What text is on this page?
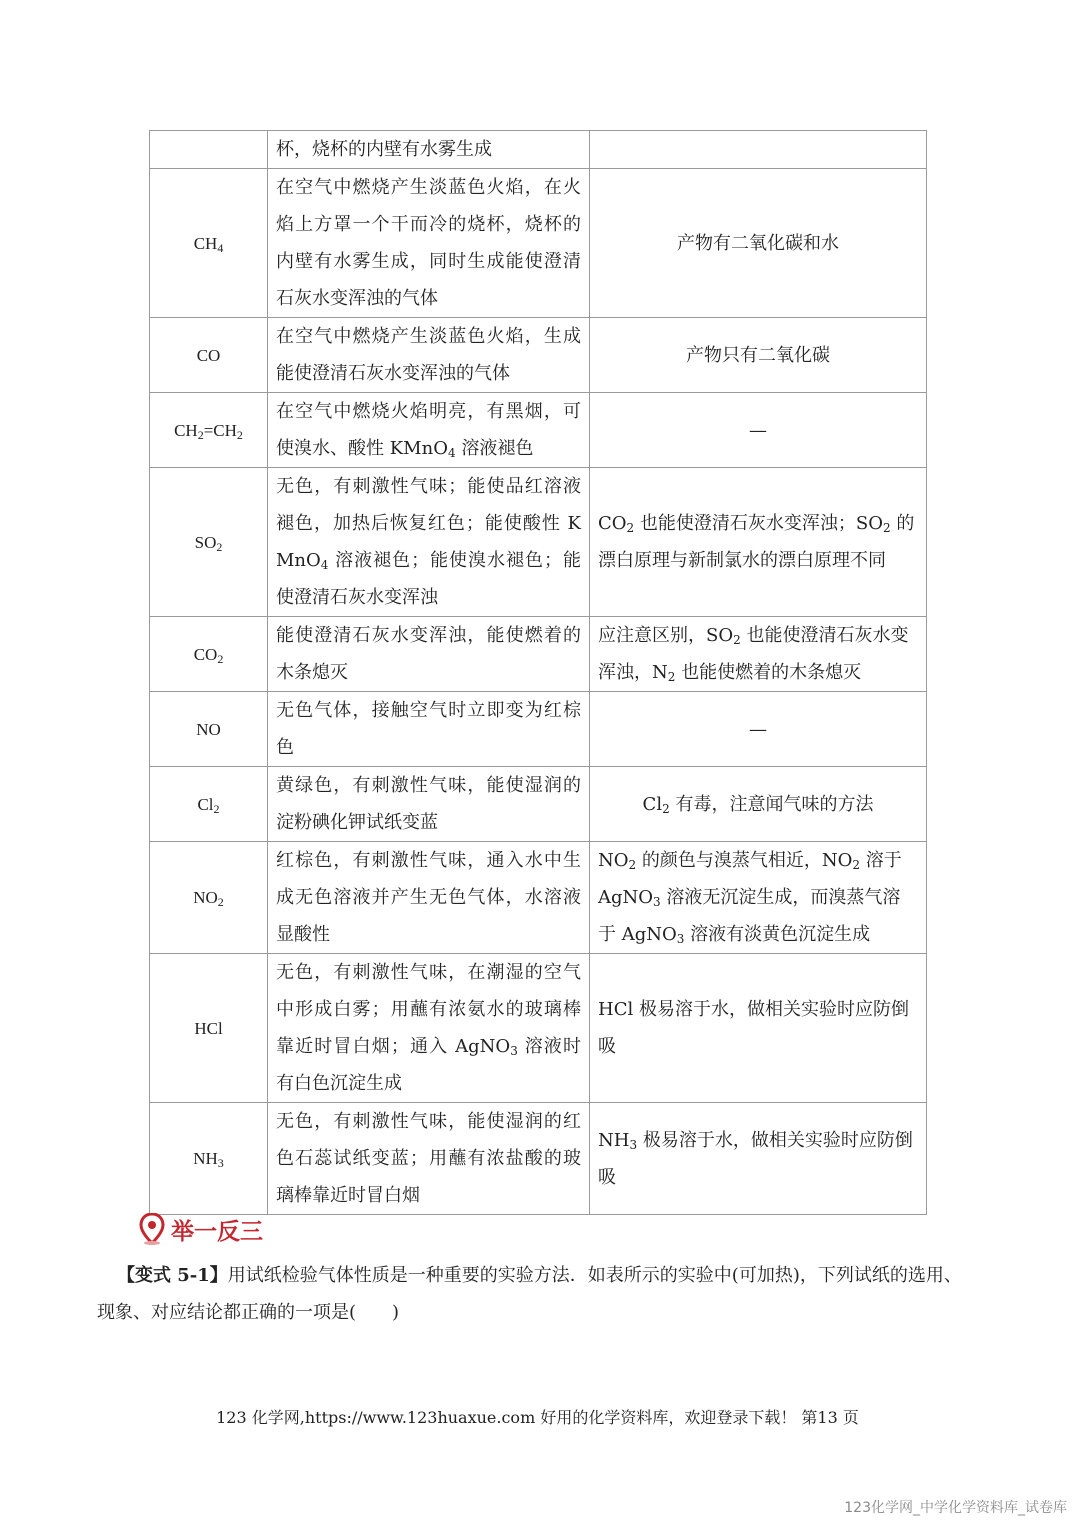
	杯，烧杯的内壁有水雾生成	
$CH_4$	在空气中燃烧产生淡蓝色火焰，在火焰上方罩一个干而冷的烧杯，烧杯的内壁有水雾生成，同时生成能使澄清石灰水变浑浊的气体	产物有二氧化碳和水
CO	在空气中燃烧产生淡蓝色火焰，生成能使澄清石灰水变浑浊的气体	产物只有二氧化碳
$CH_2=CH_2$	在空气中燃烧火焰明亮，有黑烟，可使溴水、酸性 KMnO$_4$ 溶液褪色	—
$SO_2$	无色，有刺激性气味；能使品红溶液褪色，加热后恢复红色；能使酸性 KMnO$_4$ 溶液褪色；能使溴水褪色；能使澄清石灰水变浑浊	$CO_2$ 也能使澄清石灰水变浑浊；$SO_2$ 的漂白原理与新制氯水的漂白原理不同
$CO_2$	能使澄清石灰水变浑浊，能使燃着的木条熄灭	应注意区别，$SO_2$ 也能使澄清石灰水变浑浊，$N_2$ 也能使燃着的木条熄灭
NO	无色气体，接触空气时立即变为红棕色	—
$Cl_2$	黄绿色，有刺激性气味，能使湿润的淀粉碘化钾试纸变蓝	$Cl_2$ 有毒，注意闻气味的方法
$NO_2$	红棕色，有刺激性气味，通入水中生成无色溶液并产生无色气体，水溶液显酸性	$NO_2$ 的颜色与溴蒸气相近，$NO_2$ 溶于 AgNO$_3$ 溶液无沉淀生成，而溴蒸气溶于 AgNO$_3$ 溶液有淡黄色沉淀生成
HCl	无色，有刺激性气味，在潮湿的空气中形成白雾；用蘸有浓氨水的玻璃棒靠近时冒白烟；通入 AgNO$_3$ 溶液时有白色沉淀生成	HCl 极易溶于水，做相关实验时应防倒吸
$NH_3$	无色，有刺激性气味，能使湿润的红色石蕊试纸变蓝；用蘸有浓盐酸的玻璃棒靠近时冒白烟	$NH_3$ 极易溶于水，做相关实验时应防倒吸
举一反三
【变式 5-1】用试纸检验气体性质是一种重要的实验方法．如表所示的实验中(可加热)，下列试纸的选用、现象、对应结论都正确的一项是(　　)
123 化学网,https://www.123huaxue.com 好用的化学资料库，欢迎登录下载！ 第13 页
123化学网_中学化学资料库_试卷库
